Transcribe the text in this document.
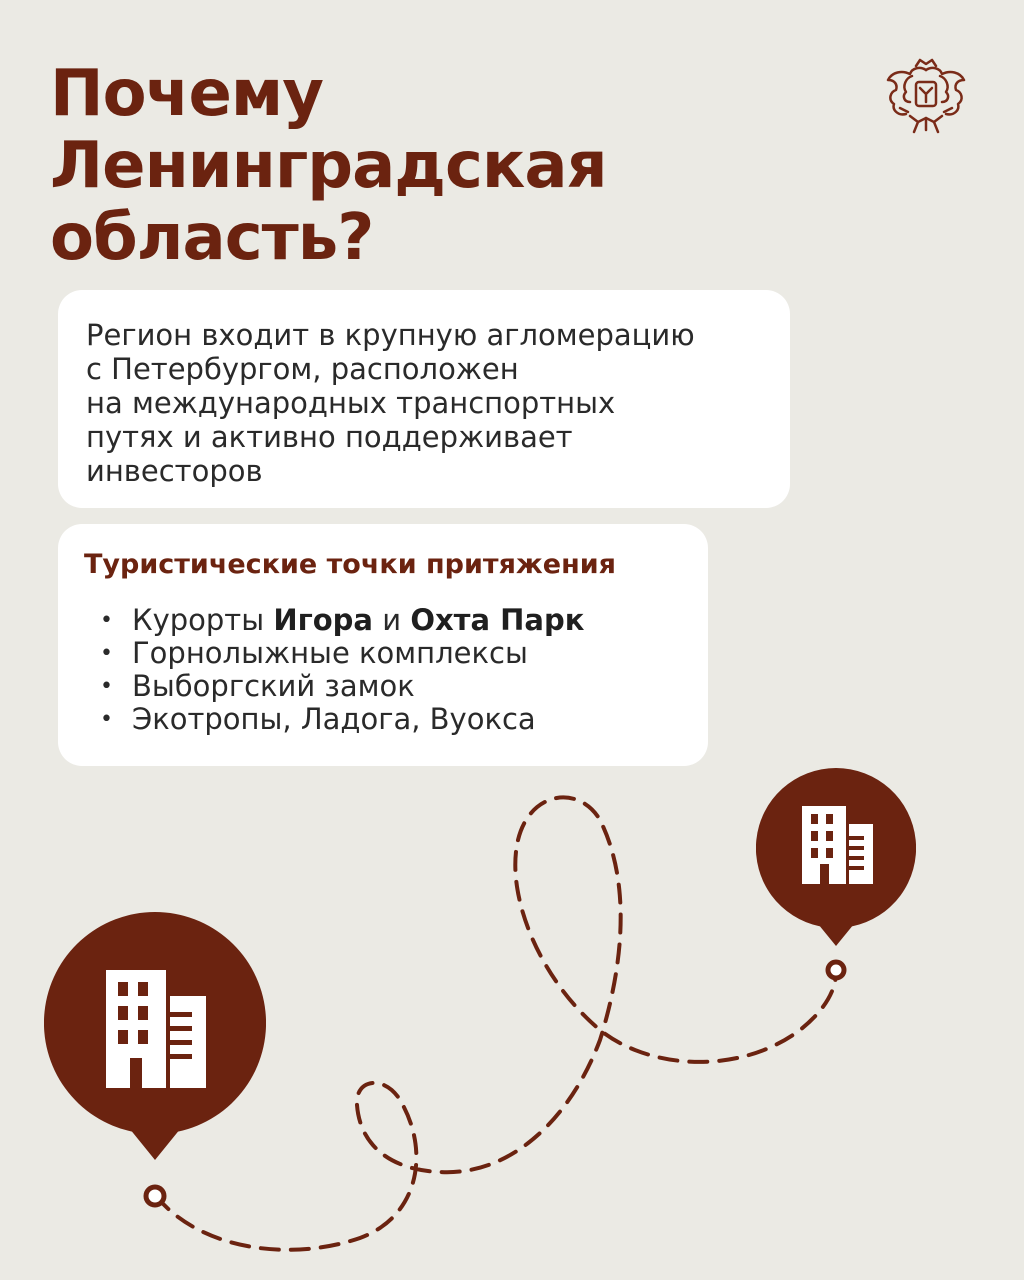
Почему
Ленинградская
область?

Регион входит в крупную агломерацию
с Петербургом, расположен
на международных транспортных
путях и активно поддерживает
инвесторов

Туристические точки притяжения
• Курорты Игора и Охта Парк
• Горнолыжные комплексы
• Выборгский замок
• Экотропы, Ладога, Вуокса
